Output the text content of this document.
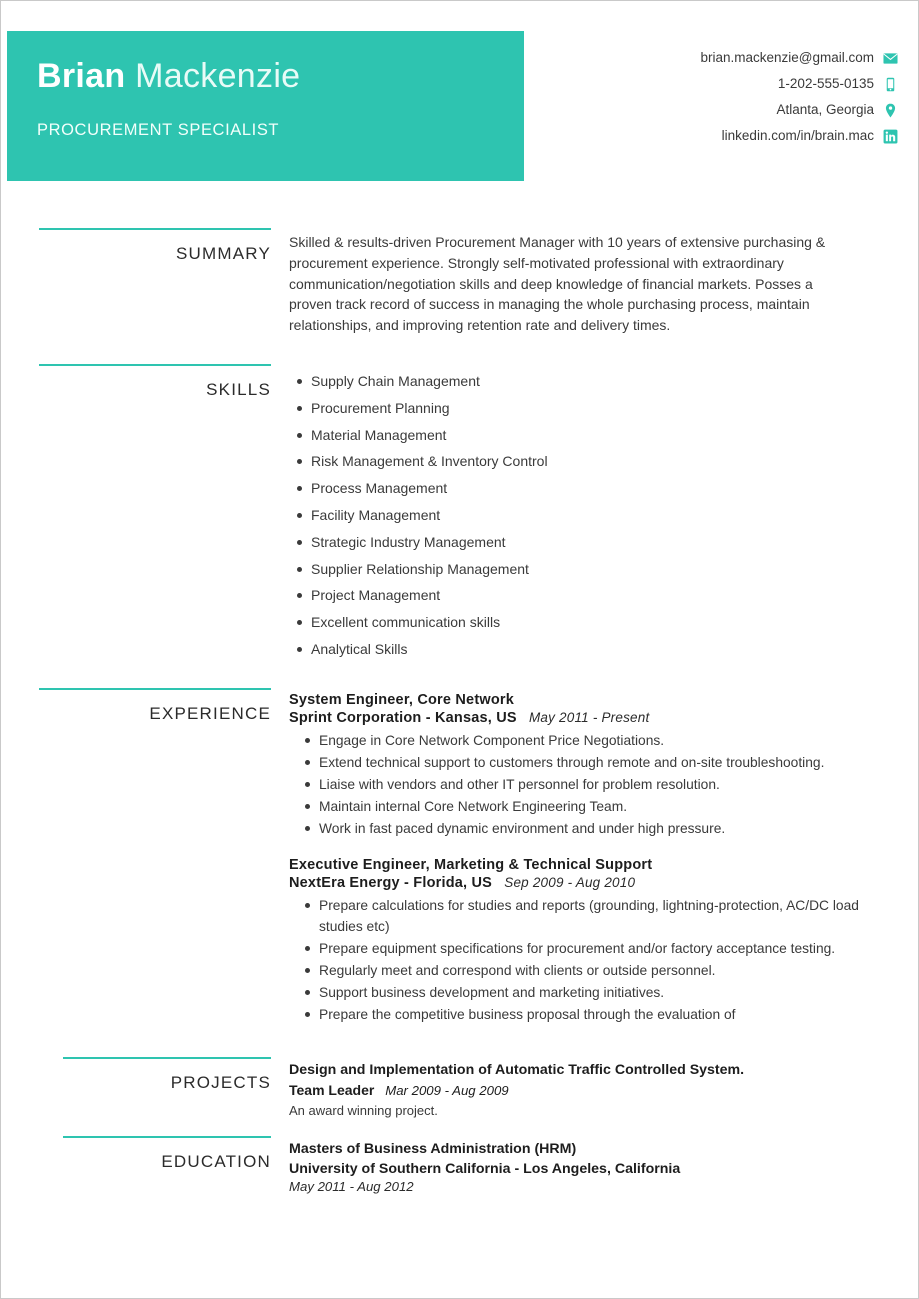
Brian Mackenzie
PROCUREMENT SPECIALIST
brian.mackenzie@gmail.com
1-202-555-0135
Atlanta, Georgia
linkedin.com/in/brain.mac
SUMMARY
Skilled & results-driven Procurement Manager with 10 years of extensive purchasing & procurement experience. Strongly self-motivated professional with extraordinary communication/negotiation skills and deep knowledge of financial markets. Posses a proven track record of success in managing the whole purchasing process, maintain relationships, and improving retention rate and delivery times.
SKILLS	Supply Chain Management
Procurement Planning
Material Management
Risk Management & Inventory Control
Process Management
Facility Management
Strategic Industry Management
Supplier Relationship Management
Project Management
Excellent communication skills
Analytical Skills
EXPERIENCE
System Engineer, Core Network
Sprint Corporation - Kansas, US May 2011 - Present
Engage in Core Network Component Price Negotiations.
Extend technical support to customers through remote and on-site troubleshooting.
Liaise with vendors and other IT personnel for problem resolution.
Maintain internal Core Network Engineering Team.
Work in fast paced dynamic environment and under high pressure.
Executive Engineer, Marketing & Technical Support
NextEra Energy - Florida, US Sep 2009 - Aug 2010
Prepare calculations for studies and reports (grounding, lightning-protection, AC/DC load studies etc)
Prepare equipment specifications for procurement and/or factory acceptance testing.
Regularly meet and correspond with clients or outside personnel.
Support business development and marketing initiatives.
Prepare the competitive business proposal through the evaluation of
PROJECTS
Design and Implementation of Automatic Traffic Controlled System.
Team Leader Mar 2009 - Aug 2009
An award winning project.
EDUCATION
Masters of Business Administration (HRM)
University of Southern California - Los Angeles, California
May 2011 - Aug 2012
